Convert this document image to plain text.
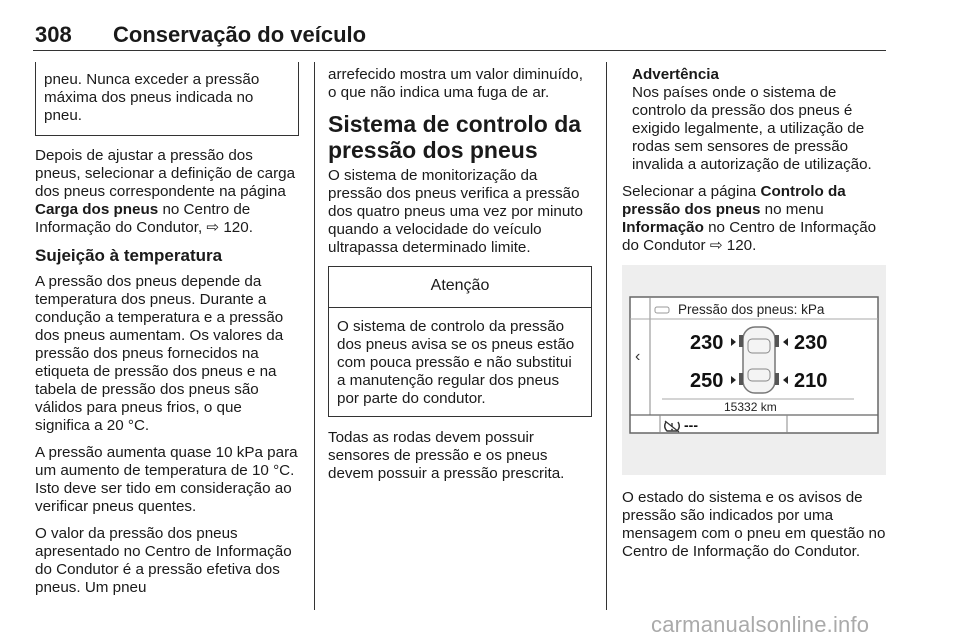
308 Conservação do veículo
pneu. Nunca exceder a pressão máxima dos pneus indicada no pneu.

Depois de ajustar a pressão dos pneus, selecionar a definição de carga dos pneus correspondente na página Carga dos pneus no Centro de Informação do Condutor, ⇨ 120.

Sujeição à temperatura

A pressão dos pneus depende da temperatura dos pneus. Durante a condução a temperatura e a pressão dos pneus aumentam. Os valores da pressão dos pneus fornecidos na etiqueta de pressão dos pneus e na tabela de pressão dos pneus são válidos para pneus frios, o que significa a 20 °C.

A pressão aumenta quase 10 kPa para um aumento de temperatura de 10 °C. Isto deve ser tido em consideração ao verificar pneus quentes.

O valor da pressão dos pneus apresentado no Centro de Informação do Condutor é a pressão efetiva dos pneus. Um pneu

arrefecido mostra um valor diminuído, o que não indica uma fuga de ar.

Sistema de controlo da pressão dos pneus

O sistema de monitorização da pressão dos pneus verifica a pressão dos quatro pneus uma vez por minuto quando a velocidade do veículo ultrapassa determinado limite.

Atenção
O sistema de controlo da pressão dos pneus avisa se os pneus estão com pouca pressão e não substitui a manutenção regular dos pneus por parte do condutor.

Todas as rodas devem possuir sensores de pressão e os pneus devem possuir a pressão prescrita.

Advertência
Nos países onde o sistema de controlo da pressão dos pneus é exigido legalmente, a utilização de rodas sem sensores de pressão invalida a autorização de utilização.

Selecionar a página Controlo da pressão dos pneus no menu Informação no Centro de Informação do Condutor ⇨ 120.

‹
Pressão dos pneus: kPa
230	230
250	210
15332 km
---

O estado do sistema e os avisos de pressão são indicados por uma mensagem com o pneu em questão no Centro de Informação do Condutor.

carmanualsonline.info
